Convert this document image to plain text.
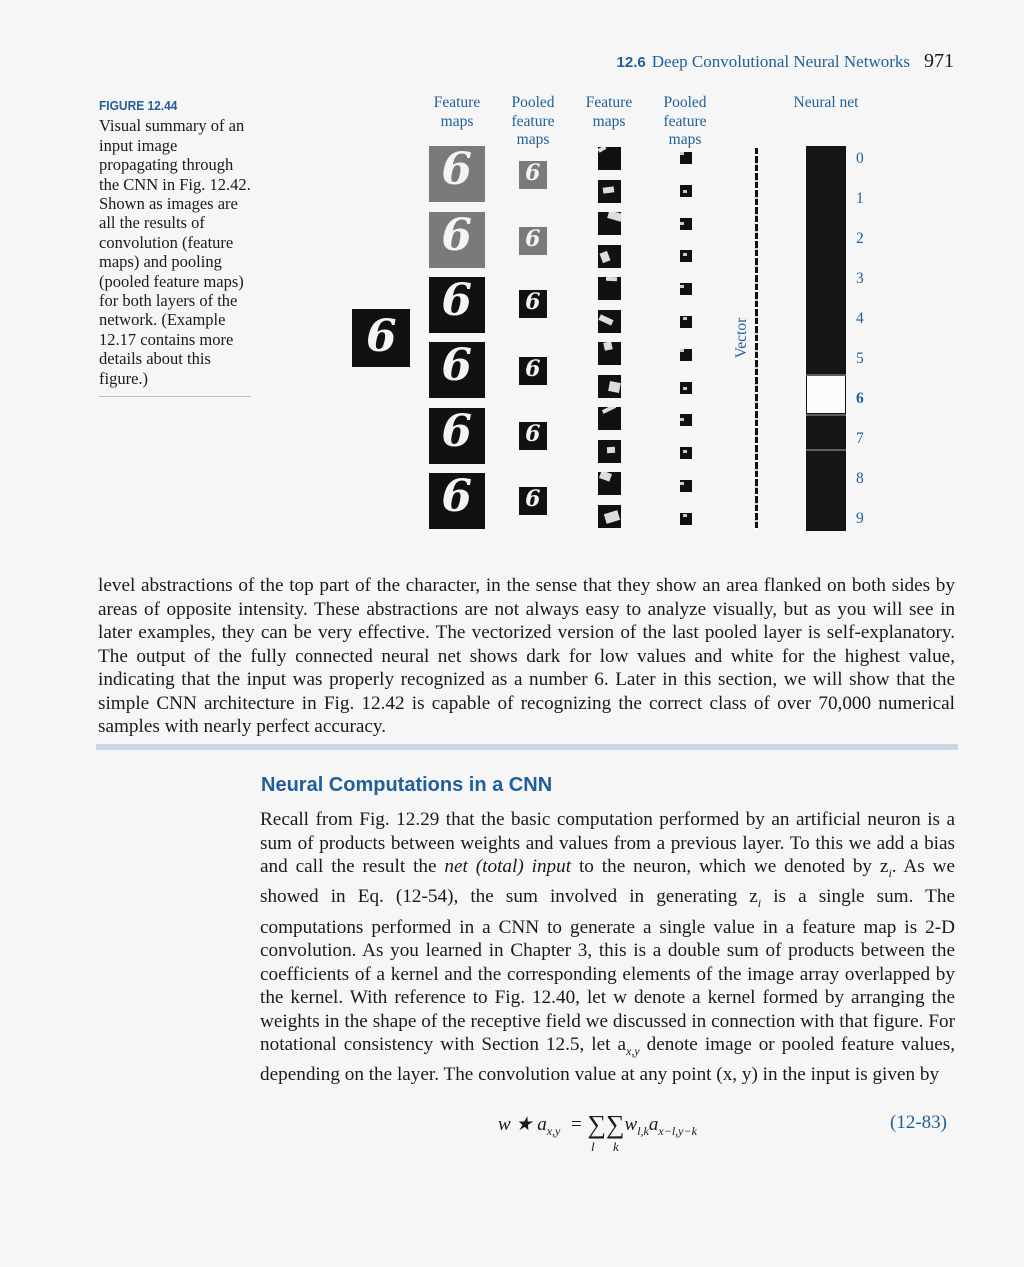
12.6 Deep Convolutional Neural Networks 971
FIGURE 12.44
Visual summary of an input image propagating through the CNN in Fig. 12.42. Shown as images are all the results of convolution (feature maps) and pooling (pooled feature maps) for both layers of the network. (Example 12.17 contains more details about this figure.)
Feature maps
Pooled feature maps
Feature maps
Pooled feature maps
Neural net
6
6
6
6
6
6
6
6
6
6
6
6
6
Vector
0
1
2
3
4
5
6
7
8
9
level abstractions of the top part of the character, in the sense that they show an area flanked on both sides by areas of opposite intensity. These abstractions are not always easy to analyze visually, but as you will see in later examples, they can be very effective. The vectorized version of the last pooled layer is self-explanatory. The output of the fully connected neural net shows dark for low values and white for the highest value, indicating that the input was properly recognized as a number 6. Later in this section, we will show that the simple CNN architecture in Fig. 12.42 is capable of recognizing the correct class of over 70,000 numerical samples with nearly perfect accuracy.
Neural Computations in a CNN
Recall from Fig. 12.29 that the basic computation performed by an artificial neuron is a sum of products between weights and values from a previous layer. To this we add a bias and call the result the net (total) input to the neuron, which we denoted by $z_i$. As we showed in Eq. (12-54), the sum involved in generating $z_i$ is a single sum. The computations performed in a CNN to generate a single value in a feature map is 2-D convolution. As you learned in Chapter 3, this is a double sum of products between the coefficients of a kernel and the corresponding elements of the image array overlapped by the kernel. With reference to Fig. 12.40, let w denote a kernel formed by arranging the weights in the shape of the receptive field we discussed in connection with that figure. For notational consistency with Section 12.5, let $a_{x,y}$ denote image or pooled feature values, depending on the layer. The convolution value at any point (x, y) in the input is given by
w ★ $a_{x,y} = \sum\sum w_{l,k}a_{x-l,y-k}$
l k
(12-83)
